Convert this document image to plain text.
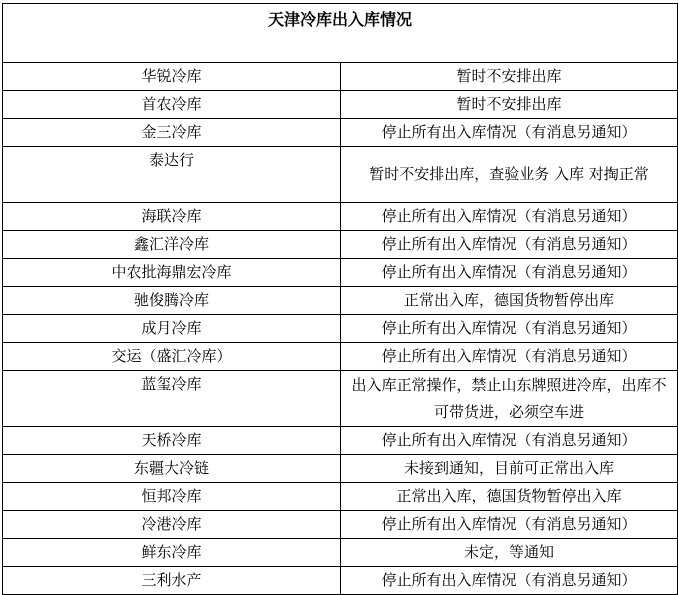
天津冷库出入库情况	
华锐冷库	暂时不安排出库
首农冷库	暂时不安排出库
金三冷库	停止所有出入库情况（有消息另通知）
泰达行	暂时不安排出库，查验业务 入库 对掏正常
海联冷库	停止所有出入库情况（有消息另通知）
鑫汇洋冷库	停止所有出入库情况（有消息另通知）
中农批海鼎宏冷库	停止所有出入库情况（有消息另通知）
驰俊腾冷库	正常出入库，德国货物暂停出库
成月冷库	停止所有出入库情况（有消息另通知）
交运（盛汇冷库）	停止所有出入库情况（有消息另通知）
蓝玺冷库	出入库正常操作，禁止山东牌照进冷库，出库不可带货进，必须空车进
天桥冷库	停止所有出入库情况（有消息另通知）
东疆大冷链	未接到通知，目前可正常出入库
恒邦冷库	正常出入库，德国货物暂停出入库
冷港冷库	停止所有出入库情况（有消息另通知）
鲜东冷库	未定，等通知
三利水产	停止所有出入库情况（有消息另通知）
